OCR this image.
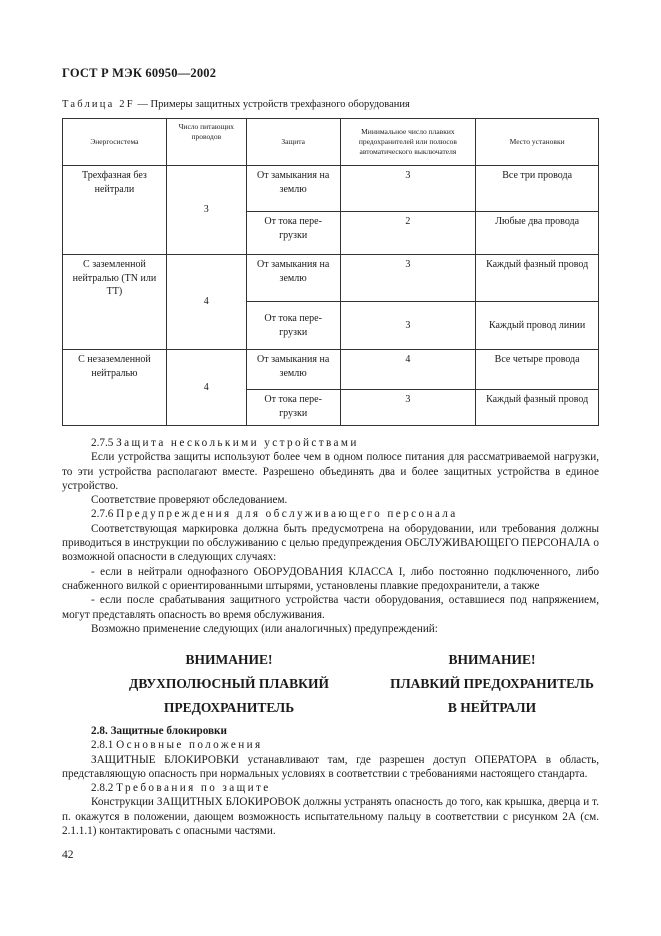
ГОСТ Р МЭК 60950—2002
Таблица 2F — Примеры защитных устройств трехфазного оборудования
Энергосистема	Число питающих проводов	Защита	Минимальное число плавких предохранителей или полюсов автоматического выключателя	Место установки
Трехфазная без нейтрали	3	От замыкания на землю	3	Все три провода
		От тока пере-грузки	2	Любые два провода
С заземленной нейтралью (TN или TT)	4	От замыкания на землю	3	Каждый фазный провод
		От тока пере-грузки	3	Каждый провод линии
С незаземленной нейтралью	4	От замыкания на землю	4	Все четыре провода
		От тока пере-грузки	3	Каждый фазный провод

2.7.5 Защита несколькими устройствами

Если устройства защиты используют более чем в одном полюсе питания для рассматриваемой нагрузки, то эти устройства располагают вместе. Разрешено объединять два и более защитных устройства в единое устройство.

Соответствие проверяют обследованием.

2.7.6 Предупреждения для обслуживающего персонала

Соответствующая маркировка должна быть предусмотрена на оборудовании, или требования должны приводиться в инструкции по обслуживанию с целью предупреждения ОБСЛУЖИВАЮЩЕГО ПЕРСОНАЛА о возможной опасности в следующих случаях:

- если в нейтрали однофазного ОБОРУДОВАНИЯ КЛАССА I, либо постоянно подключенного, либо снабженного вилкой с ориентированными штырями, установлены плавкие предохранители, а также

- если после срабатывания защитного устройства части оборудования, оставшиеся под напряжением, могут представлять опасность во время обслуживания.

Возможно применение следующих (или аналогичных) предупреждений:

ВНИМАНИЕ!
ДВУХПОЛЮСНЫЙ ПЛАВКИЙ
ПРЕДОХРАНИТЕЛЬ
ВНИМАНИЕ!
ПЛАВКИЙ ПРЕДОХРАНИТЕЛЬ
В НЕЙТРАЛИ

2.8. Защитные блокировки

2.8.1 Основные положения

ЗАЩИТНЫЕ БЛОКИРОВКИ устанавливают там, где разрешен доступ ОПЕРАТОРА в область, представляющую опасность при нормальных условиях в соответствии с требованиями настоящего стандарта.

2.8.2 Требования по защите

Конструкции ЗАЩИТНЫХ БЛОКИРОВОК должны устранять опасность до того, как крышка, дверца и т. п. окажутся в положении, дающем возможность испытательному пальцу в соответствии с рисунком 2А (см. 2.1.1.1) контактировать с опасными частями.

42
